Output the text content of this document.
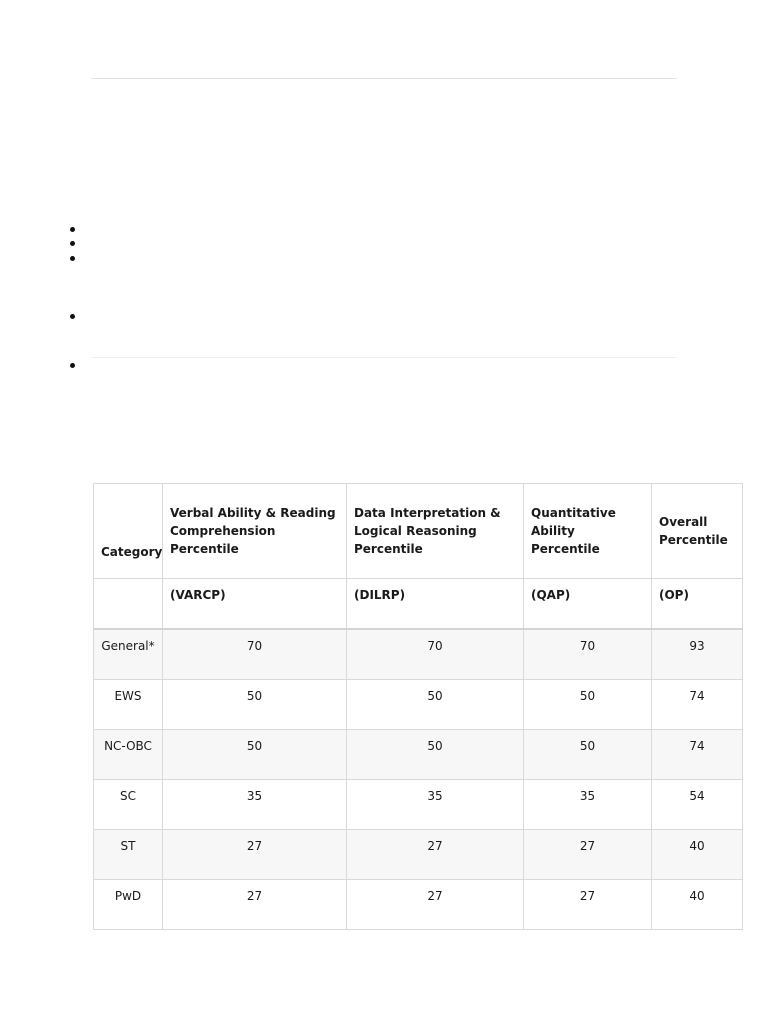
Category	Verbal Ability & Reading Comprehension Percentile	Data Interpretation & Logical Reasoning Percentile	Quantitative Ability Percentile	Overall Percentile
	(VARCP)	(DILRP)	(QAP)	(OP)
General*	70	70	70	93
EWS	50	50	50	74
NC-OBC	50	50	50	74
SC	35	35	35	54
ST	27	27	27	40
PwD	27	27	27	40
